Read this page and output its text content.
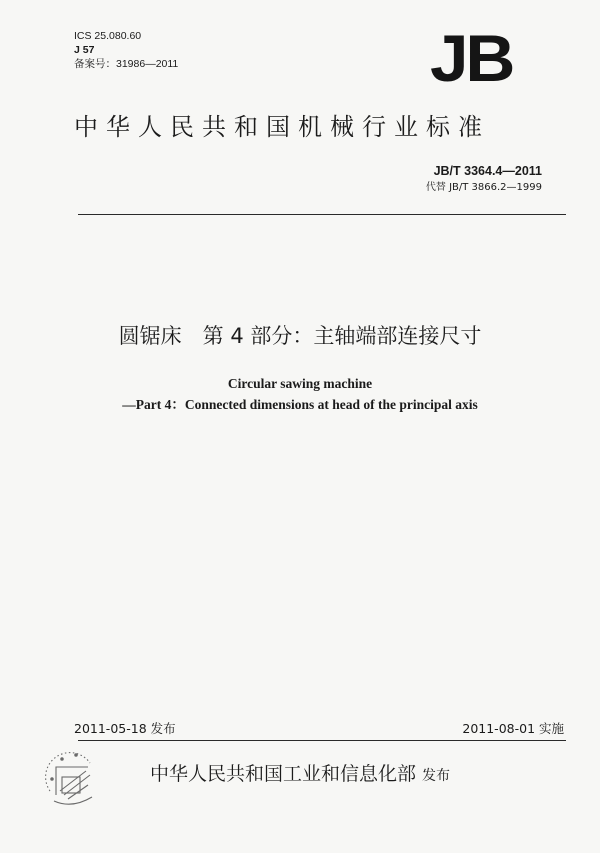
ICS 25.080.60
J 57
备案号：31986—2011	JB
中华人民共和国机械行业标准
JB/T 3364.4—2011
代替 JB/T 3866.2—1999
圆锯床　第 4 部分：主轴端部连接尺寸
Circular sawing machine
—Part 4：Connected dimensions at head of the principal axis
2011-05-18 发布	2011-08-01 实施
中华人民共和国工业和信息化部 发布
